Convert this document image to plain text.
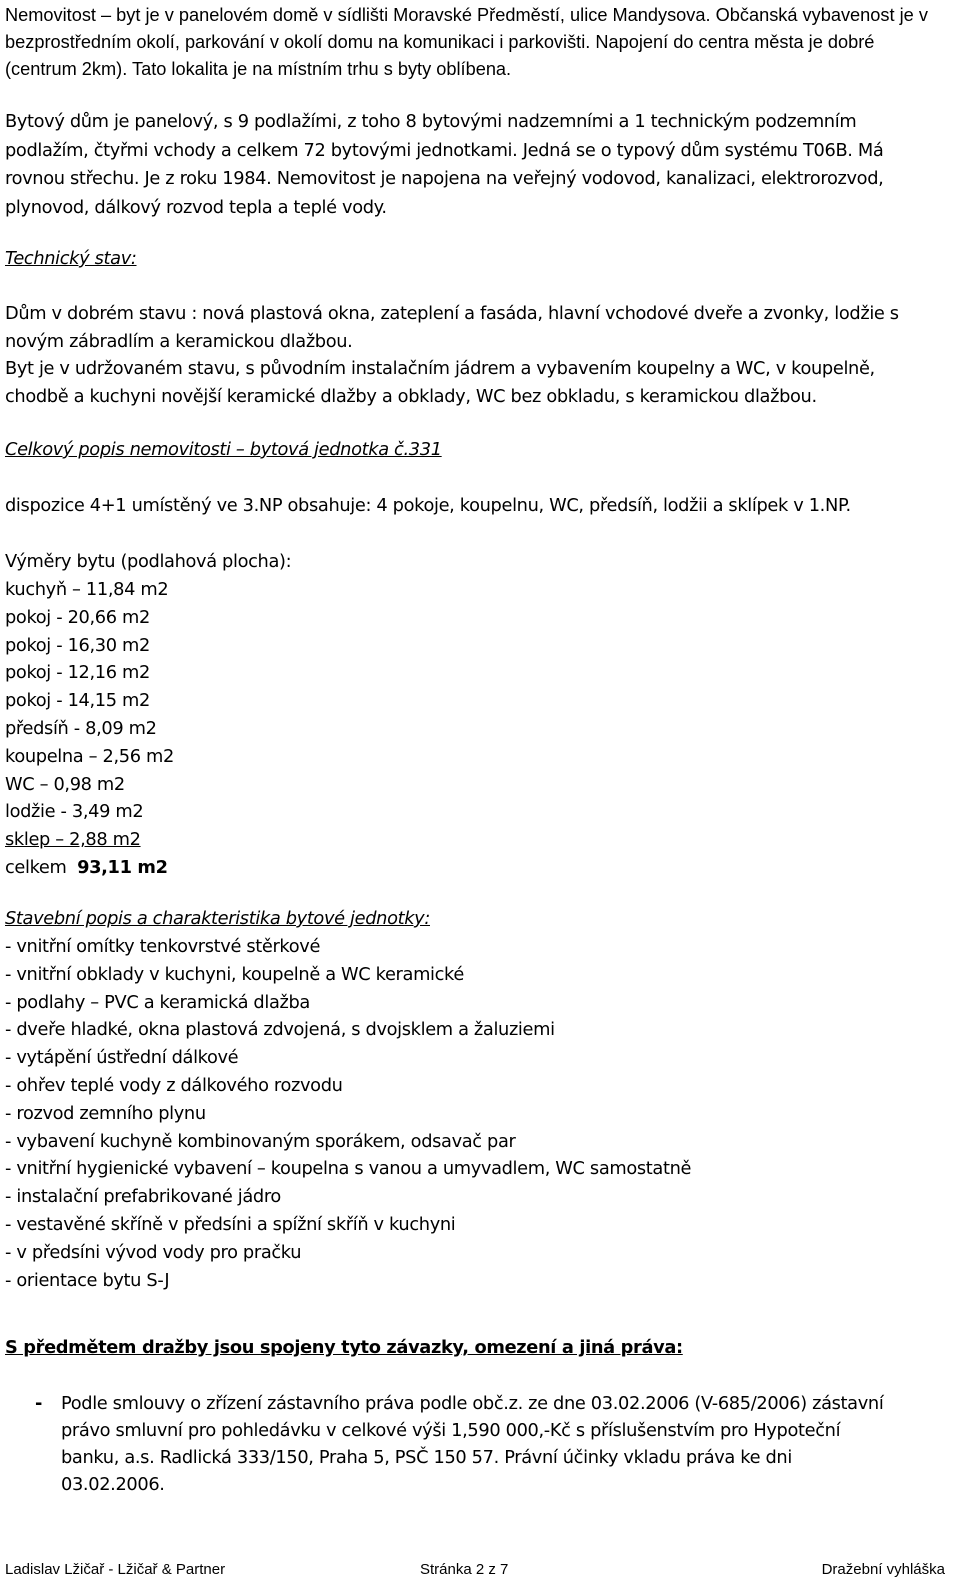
Nemovitost – byt je v panelovém domě v sídlišti Moravské Předměstí, ulice Mandysova. Občanská vybavenost je v bezprostředním okolí, parkování v okolí domu na komunikaci i parkovišti. Napojení do centra města je dobré (centrum 2km). Tato lokalita je na místním trhu s byty oblíbena.

Bytový dům je panelový, s 9 podlažími, z toho 8 bytovými nadzemními a 1 technickým podzemním podlažím, čtyřmi vchody a celkem 72 bytovými jednotkami. Jedná se o typový dům systému T06B. Má rovnou střechu. Je z roku 1984. Nemovitost je napojena na veřejný vodovod, kanalizaci, elektrorozvod, plynovod, dálkový rozvod tepla a teplé vody.

Technický stav:

Dům v dobrém stavu : nová plastová okna, zateplení a fasáda, hlavní vchodové dveře a zvonky, lodžie s novým zábradlím a keramickou dlažbou.

Byt je v udržovaném stavu, s původním instalačním jádrem a vybavením koupelny a WC, v koupelně, chodbě a kuchyni novější keramické dlažby a obklady, WC bez obkladu, s keramickou dlažbou.

Celkový popis nemovitosti – bytová jednotka č.331

dispozice 4+1 umístěný ve 3.NP obsahuje: 4 pokoje, koupelnu, WC, předsíň, lodžii a sklípek v 1.NP.

Výměry bytu (podlahová plocha):

kuchyň – 11,84 m2
pokoj - 20,66 m2
pokoj - 16,30 m2
pokoj - 12,16 m2
pokoj - 14,15 m2
předsíň - 8,09 m2
koupelna – 2,56 m2
WC – 0,98 m2
lodžie - 3,49 m2
sklep – 2,88 m2
celkem 93,11 m2

Stavební popis a charakteristika bytové jednotky:

- vnitřní omítky tenkovrstvé stěrkové
- vnitřní obklady v kuchyni, koupelně a WC keramické
- podlahy – PVC a keramická dlažba
- dveře hladké, okna plastová zdvojená, s dvojsklem a žaluziemi
- vytápění ústřední dálkové
- ohřev teplé vody z dálkového rozvodu
- rozvod zemního plynu
- vybavení kuchyně kombinovaným sporákem, odsavač par
- vnitřní hygienické vybavení – koupelna s vanou a umyvadlem, WC samostatně
- instalační prefabrikované jádro
- vestavěné skříně v předsíni a spížní skříň v kuchyni
- v předsíni vývod vody pro pračku
- orientace bytu S-J

S předmětem dražby jsou spojeny tyto závazky, omezení a jiná práva:

- Podle smlouvy o zřízení zástavního práva podle obč.z. ze dne 03.02.2006 (V-685/2006) zástavní právo smluvní pro pohledávku v celkové výši 1,590 000,-Kč s příslušenstvím pro Hypoteční banku, a.s. Radlická 333/150, Praha 5, PSČ 150 57. Právní účinky vkladu práva ke dni 03.02.2006.
Ladislav Lžičař - Lžičař & Partner	Stránka 2 z 7	Dražební vyhláška
